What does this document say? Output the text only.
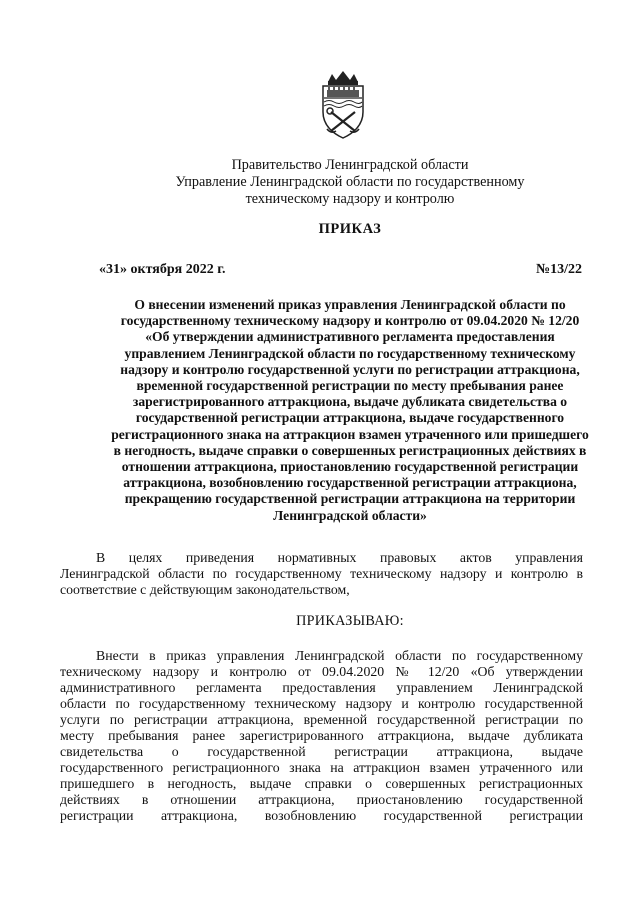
Правительство Ленинградской области
Управление Ленинградской области по государственному
техническому надзору и контролю
ПРИКАЗ
«31» октября 2022 г.	№13/22
О внесении изменений приказ управления Ленинградской области по
государственному техническому надзору и контролю от 09.04.2020 № 12/20
«Об утверждении административного регламента предоставления
управлением Ленинградской области по государственному техническому
надзору и контролю государственной услуги по регистрации аттракциона,
временной государственной регистрации по месту пребывания ранее
зарегистрированного аттракциона, выдаче дубликата свидетельства о
государственной регистрации аттракциона, выдаче государственного
регистрационного знака на аттракцион взамен утраченного или пришедшего
в негодность, выдаче справки о совершенных регистрационных действиях в
отношении аттракциона, приостановлению государственной регистрации
аттракциона, возобновлению государственной регистрации аттракциона,
прекращению государственной регистрации аттракциона на территории
Ленинградской области»
В целях приведения нормативных правовых актов управления
Ленинградской области по государственному техническому надзору и контролю в
соответствие с действующим законодательством,
ПРИКАЗЫВАЮ:
Внести в приказ управления Ленинградской области по государственному
техническому надзору и контролю от 09.04.2020 № 12/20 «Об утверждении
административного регламента предоставления управлением Ленинградской
области по государственному техническому надзору и контролю государственной
услуги по регистрации аттракциона, временной государственной регистрации по
месту пребывания ранее зарегистрированного аттракциона, выдаче дубликата
свидетельства о государственной регистрации аттракциона, выдаче
государственного регистрационного знака на аттракцион взамен утраченного или
пришедшего в негодность, выдаче справки о совершенных регистрационных
действиях в отношении аттракциона, приостановлению государственной
регистрации аттракциона, возобновлению государственной регистрации
